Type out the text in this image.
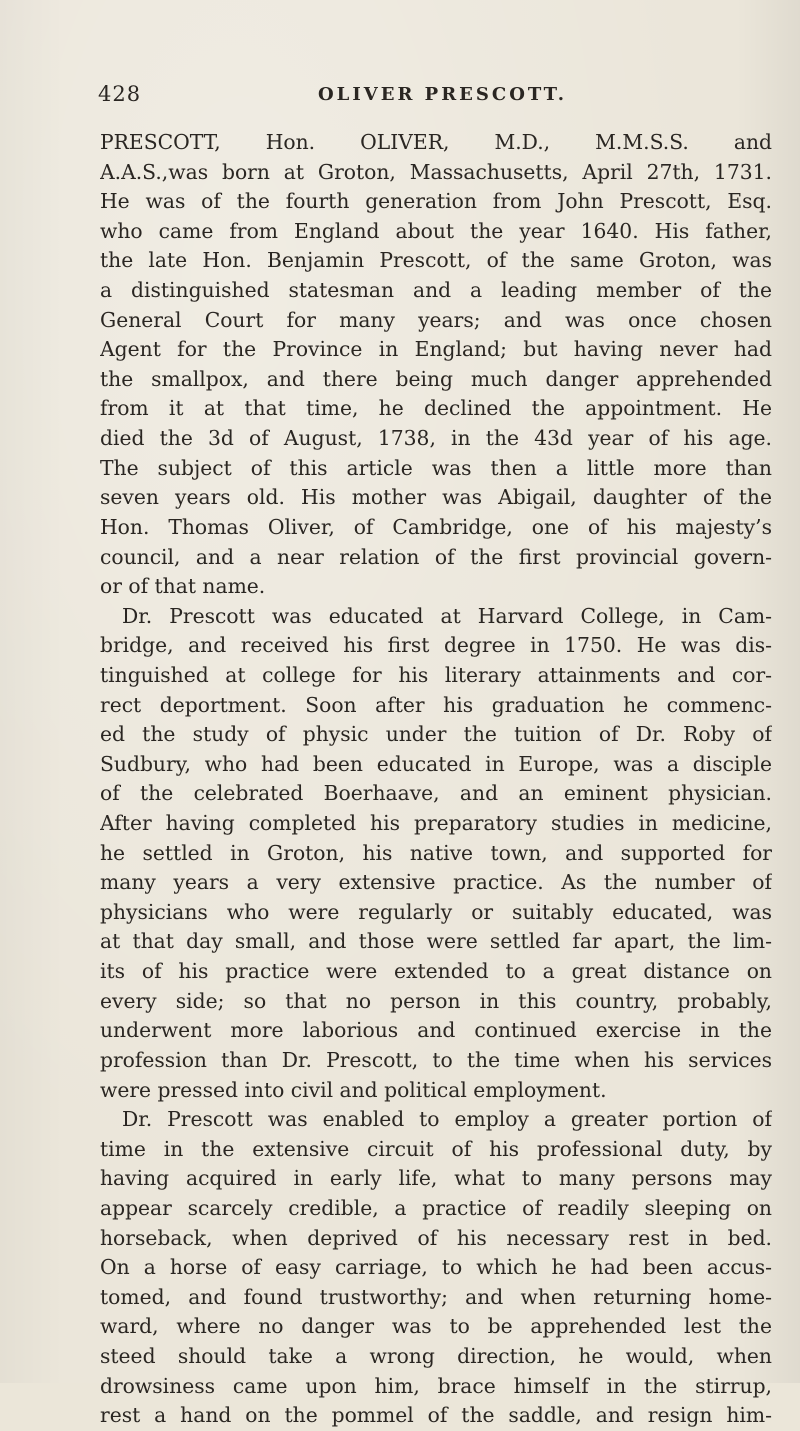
428	OLIVER PRESCOTT.
PRESCOTT, Hon. OLIVER, M.D., M.M.S.S. and
A.A.S.,was born at Groton, Massachusetts, April 27th, 1731.
He was of the fourth generation from John Prescott, Esq.
who came from England about the year 1640. His father,
the late Hon. Benjamin Prescott, of the same Groton, was
a distinguished statesman and a leading member of the
General Court for many years; and was once chosen
Agent for the Province in England; but having never had
the smallpox, and there being much danger apprehended
from it at that time, he declined the appointment. He
died the 3d of August, 1738, in the 43d year of his age.
The subject of this article was then a little more than
seven years old. His mother was Abigail, daughter of the
Hon. Thomas Oliver, of Cambridge, one of his majesty’s
council, and a near relation of the first provincial govern-
or of that name.
Dr. Prescott was educated at Harvard College, in Cam-
bridge, and received his first degree in 1750. He was dis-
tinguished at college for his literary attainments and cor-
rect deportment. Soon after his graduation he commenc-
ed the study of physic under the tuition of Dr. Roby of
Sudbury, who had been educated in Europe, was a disciple
of the celebrated Boerhaave, and an eminent physician.
After having completed his preparatory studies in medicine,
he settled in Groton, his native town, and supported for
many years a very extensive practice. As the number of
physicians who were regularly or suitably educated, was
at that day small, and those were settled far apart, the lim-
its of his practice were extended to a great distance on
every side; so that no person in this country, probably,
underwent more laborious and continued exercise in the
profession than Dr. Prescott, to the time when his services
were pressed into civil and political employment.
Dr. Prescott was enabled to employ a greater portion of
time in the extensive circuit of his professional duty, by
having acquired in early life, what to many persons may
appear scarcely credible, a practice of readily sleeping on
horseback, when deprived of his necessary rest in bed.
On a horse of easy carriage, to which he had been accus-
tomed, and found trustworthy; and when returning home-
ward, where no danger was to be apprehended lest the
steed should take a wrong direction, he would, when
drowsiness came upon him, brace himself in the stirrup,
rest a hand on the pommel of the saddle, and resign him-
